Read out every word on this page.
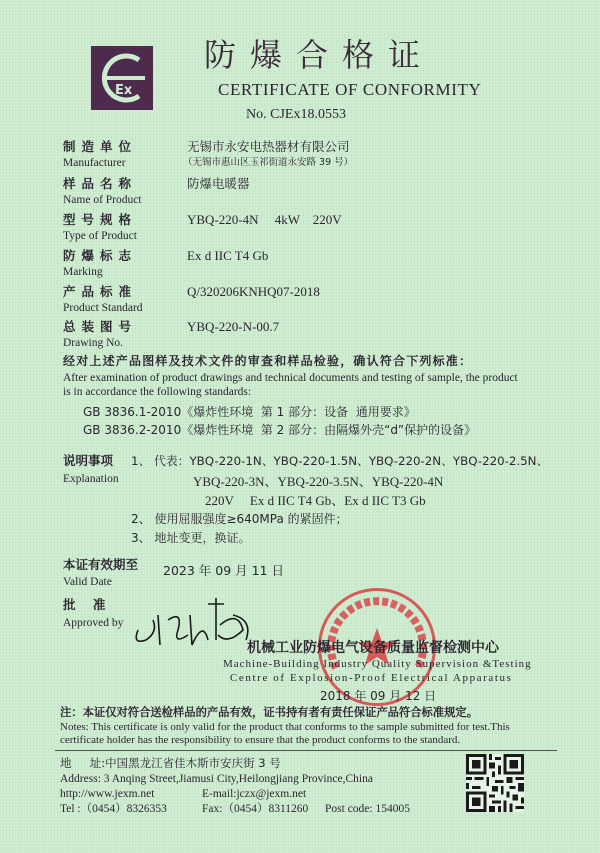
Ex
防爆合格证
CERTIFICATE OF CONFORMITY
No. CJEx18.0553
制造单位
Manufacturer
无锡市永安电热器材有限公司
（无锡市惠山区玉祁街道永安路 39 号）
样品名称
Name of Product
防爆电暖器
型号规格
Type of Product
YBQ-220-4N     4kW    220V
防爆标志
Marking
Ex d IIC T4 Gb
产品标准
Product Standard
Q/320206KNHQ07-2018
总装图号
Drawing No.
YBQ-220-N-00.7
经对上述产品图样及技术文件的审查和样品检验，确认符合下列标准：
After examination of product drawings and technical documents and testing of sample, the product
is in accordance the following standards:
GB 3836.1-2010《爆炸性环境  第 1 部分：设备  通用要求》
GB 3836.2-2010《爆炸性环境  第 2 部分：由隔爆外壳“d”保护的设备》
说明事项
Explanation
1、 代表：YBQ-220-1N、YBQ-220-1.5N、YBQ-220-2N、YBQ-220-2.5N、
YBQ-220-3N、YBQ-220-3.5N、YBQ-220-4N
220V     Ex d IIC T4 Gb、Ex d IIC T3 Gb
2、 使用屈服强度≥640MPa 的紧固件；
3、 地址变更，换证。
本证有效期至
Valid Date
2023 年 09 月 11 日
批    准
Approved by
机械工业防爆电气设备质量监督检测中心
Machine-Building Industry Quality Supervision &Testing
Centre of Explosion-Proof Electrical Apparatus
2018 年 09 月 12 日
注：本证仅对符合送检样品的产品有效，证书持有者有责任保证产品符合标准规定。
Notes: This certificate is only valid for the product that conforms to the sample submitted for test.This
certificate holder has the responsibility to ensure that the product conforms to the standard.
地     址:中国黑龙江省佳木斯市安庆街 3 号
Address: 3 Anqing Street,Jiamusi City,Heilongjiang Province,China
http://www.jexm.net	E-mail:jczx@jexm.net
Tel :（0454）8326353	Fax:（0454）8311260 Post code: 154005
